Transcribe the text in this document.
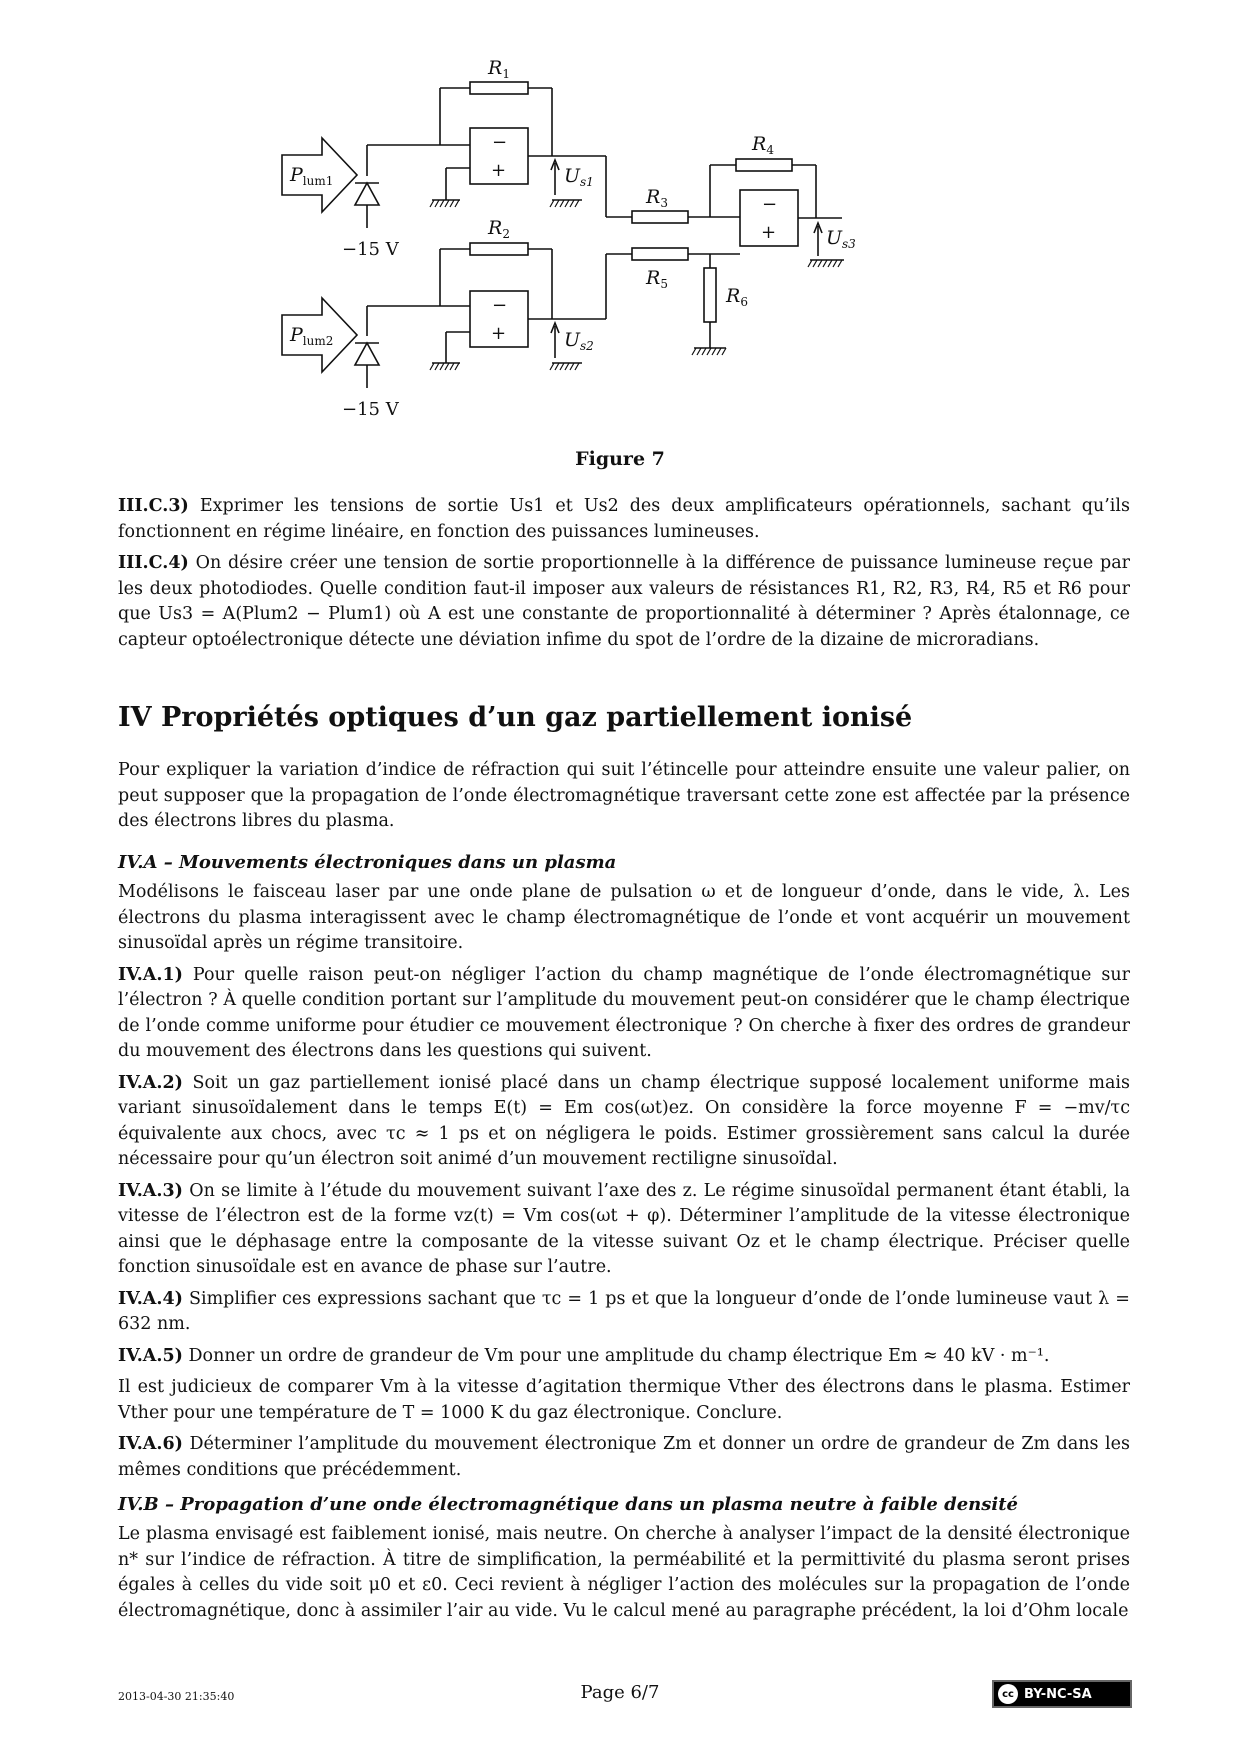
$R_1$
$R_2$
$R_3$
$R_4$
$R_5$
$R_6$
$U_{s1}$
$U_{s2}$
$U_{s3}$
$P_{lum1}$
$P_{lum2}$
−15 V
−15 V
−
+
−
+
−
+
Figure 7

III.C.3) Exprimer les tensions de sortie Us1 et Us2 des deux amplificateurs opérationnels, sachant qu’ils fonctionnent en régime linéaire, en fonction des puissances lumineuses.

III.C.4) On désire créer une tension de sortie proportionnelle à la différence de puissance lumineuse reçue par les deux photodiodes. Quelle condition faut-il imposer aux valeurs de résistances R1, R2, R3, R4, R5 et R6 pour que Us3 = A(Plum2 − Plum1) où A est une constante de proportionnalité à déterminer ? Après étalonnage, ce capteur optoélectronique détecte une déviation infime du spot de l’ordre de la dizaine de microradians.

IV Propriétés optiques d’un gaz partiellement ionisé

Pour expliquer la variation d’indice de réfraction qui suit l’étincelle pour atteindre ensuite une valeur palier, on peut supposer que la propagation de l’onde électromagnétique traversant cette zone est affectée par la présence des électrons libres du plasma.

IV.A – Mouvements électroniques dans un plasma

Modélisons le faisceau laser par une onde plane de pulsation ω et de longueur d’onde, dans le vide, λ. Les électrons du plasma interagissent avec le champ électromagnétique de l’onde et vont acquérir un mouvement sinusoïdal après un régime transitoire.

IV.A.1) Pour quelle raison peut-on négliger l’action du champ magnétique de l’onde électromagnétique sur l’électron ? À quelle condition portant sur l’amplitude du mouvement peut-on considérer que le champ électrique de l’onde comme uniforme pour étudier ce mouvement électronique ? On cherche à fixer des ordres de grandeur du mouvement des électrons dans les questions qui suivent.

IV.A.2) Soit un gaz partiellement ionisé placé dans un champ électrique supposé localement uniforme mais variant sinusoïdalement dans le temps E(t) = Em cos(ωt)ez. On considère la force moyenne F = −mv/τc équivalente aux chocs, avec τc ≈ 1 ps et on négligera le poids. Estimer grossièrement sans calcul la durée nécessaire pour qu’un électron soit animé d’un mouvement rectiligne sinusoïdal.

IV.A.3) On se limite à l’étude du mouvement suivant l’axe des z. Le régime sinusoïdal permanent étant établi, la vitesse de l’électron est de la forme vz(t) = Vm cos(ωt + φ). Déterminer l’amplitude de la vitesse électronique ainsi que le déphasage entre la composante de la vitesse suivant Oz et le champ électrique. Préciser quelle fonction sinusoïdale est en avance de phase sur l’autre.

IV.A.4) Simplifier ces expressions sachant que τc = 1 ps et que la longueur d’onde de l’onde lumineuse vaut λ = 632 nm.

IV.A.5) Donner un ordre de grandeur de Vm pour une amplitude du champ électrique Em ≈ 40 kV · m⁻¹.

Il est judicieux de comparer Vm à la vitesse d’agitation thermique Vther des électrons dans le plasma. Estimer Vther pour une température de T = 1000 K du gaz électronique. Conclure.

IV.A.6) Déterminer l’amplitude du mouvement électronique Zm et donner un ordre de grandeur de Zm dans les mêmes conditions que précédemment.

IV.B – Propagation d’une onde électromagnétique dans un plasma neutre à faible densité

Le plasma envisagé est faiblement ionisé, mais neutre. On cherche à analyser l’impact de la densité électronique n* sur l’indice de réfraction. À titre de simplification, la perméabilité et la permittivité du plasma seront prises égales à celles du vide soit μ0 et ε0. Ceci revient à négliger l’action des molécules sur la propagation de l’onde électromagnétique, donc à assimiler l’air au vide. Vu le calcul mené au paragraphe précédent, la loi d’Ohm locale

2013-04-30 21:35:40	Page 6/7	cc BY-NC-SA
